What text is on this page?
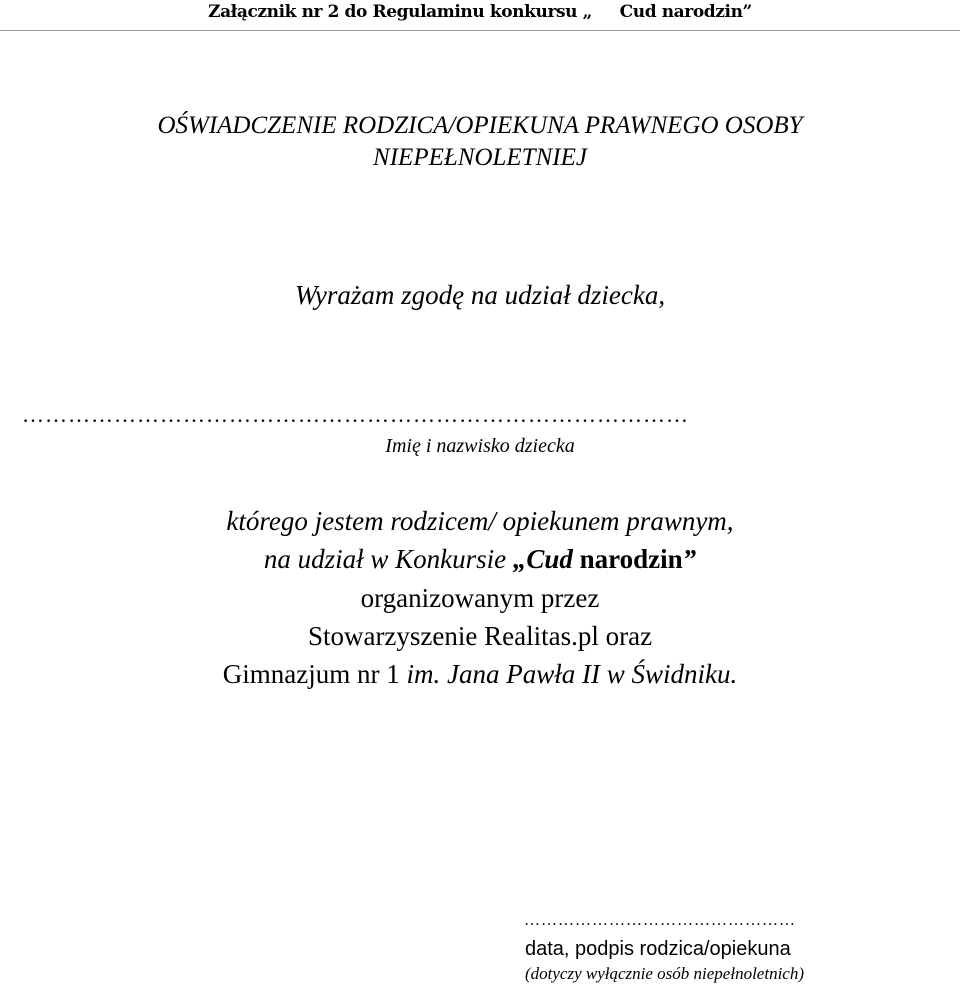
Załącznik nr 2 do Regulaminu konkursu „     Cud narodzin”
OŚWIADCZENIE RODZICA/OPIEKUNA PRAWNEGO OSOBY
NIEPEŁNOLETNIEJ
Wyrażam zgodę na udział dziecka,
……………………………………………………………………………
Imię i nazwisko dziecka
którego jestem rodzicem/ opiekunem prawnym,
na udział w Konkursie „Cud narodzin”
organizowanym przez
Stowarzyszenie Realitas.pl oraz
Gimnazjum nr 1 im. Jana Pawła II w Świdniku.
…………………………………………
data, podpis rodzica/opiekuna
(dotyczy wyłącznie osób niepełnoletnich)
